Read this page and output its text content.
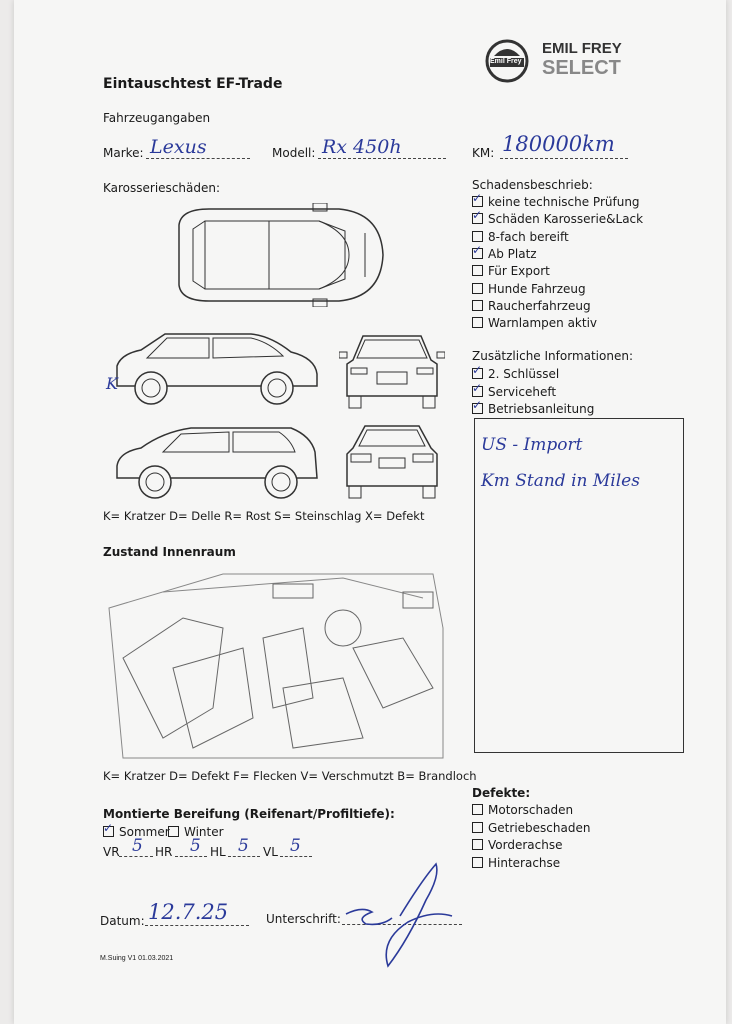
Emil Frey
EMIL FREY
SELECT
Eintauschtest EF-Trade
Fahrzeugangaben
Marke: Lexus	Modell: Rx 450h	KM: 180000km
Karosserieschäden:
K
K= Kratzer D= Delle R= Rost S= Steinschlag X= Defekt
Schadensbeschrieb:
✓keine technische Prüfung
✓Schäden Karosserie&Lack
8-fach bereift
✓Ab Platz
Für Export
Hunde Fahrzeug
Raucherfahrzeug
Warnlampen aktiv
Zusätzliche Informationen:
✓2. Schlüssel
✓Serviceheft
✓Betriebsanleitung
US - Import
Km Stand in Miles
Zustand Innenraum
K= Kratzer D= Defekt F= Flecken V= Verschmutzt B= Brandloch
Montierte Bereifung (Reifenart/Profiltiefe):
✓Sommer	Winter
VR 5 HR 5 HL 5 VL 5
Defekte:
Motorschaden
Getriebeschaden
Vorderachse
Hinterachse
Datum: 12.7.25	Unterschrift:
M.Suing V1 01.03.2021
